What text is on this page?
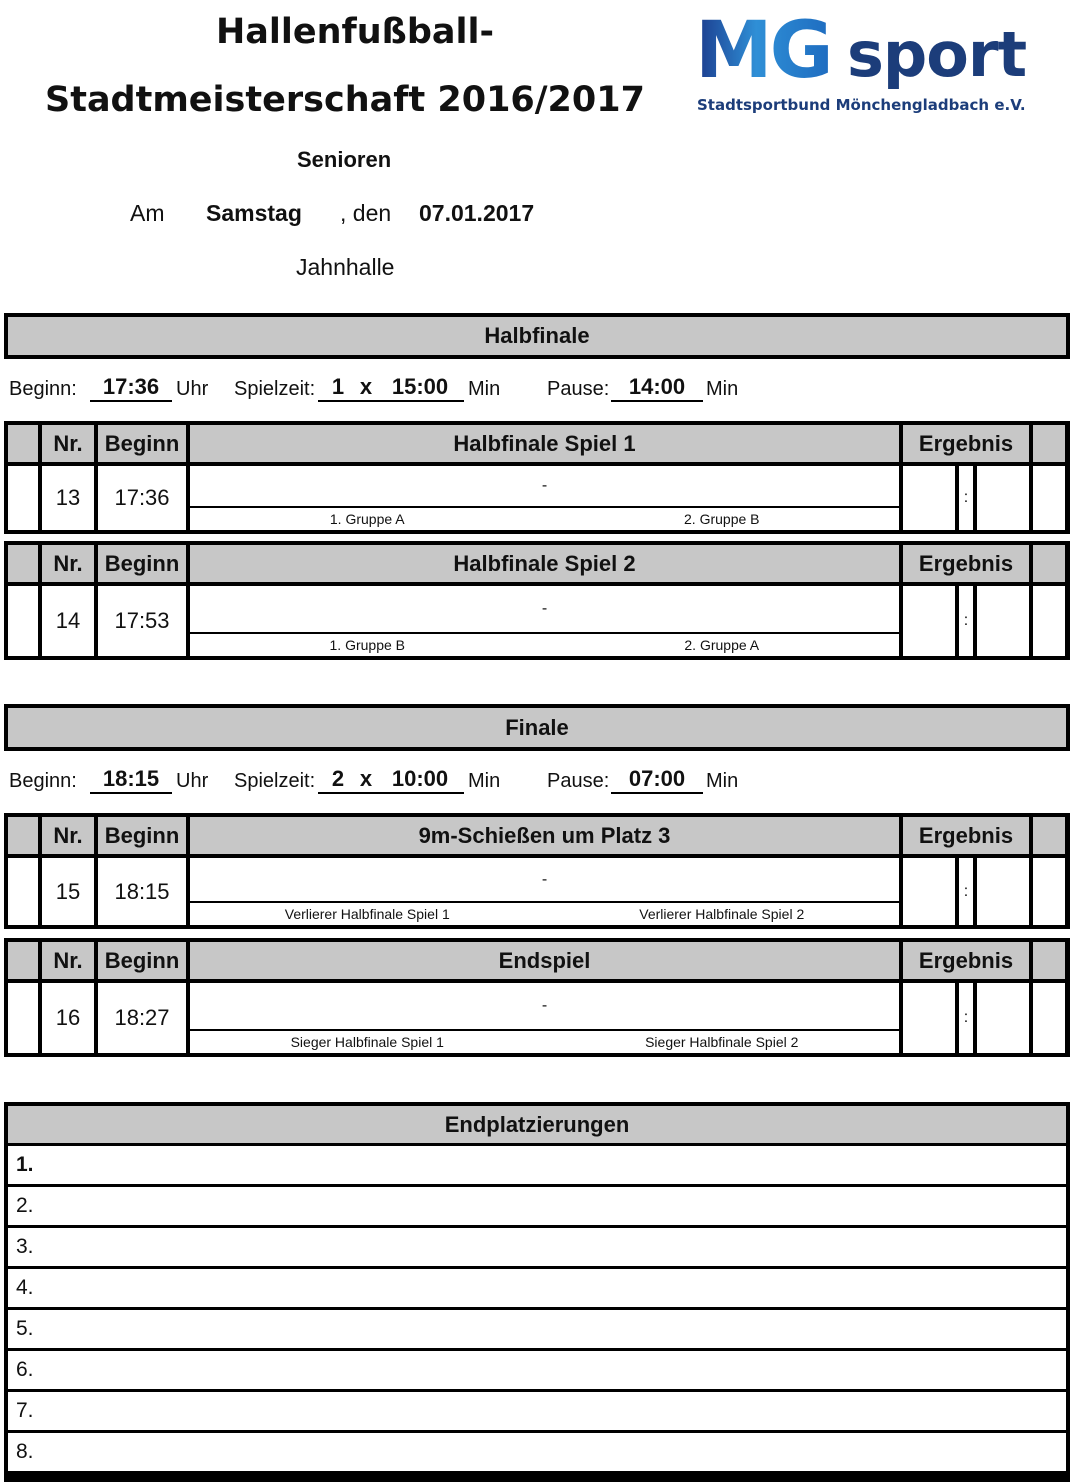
Hallenfußball-
Stadtmeisterschaft 2016/2017
Senioren
Am Samstag , den 07.01.2017
Jahnhalle
MG sport
Stadtsportbund Mönchengladbach e.V.
Halbfinale
Beginn:	17:36 Uhr Spielzeit: 1 x 15:00 Min Pause: 14:00	Min
Nr.	Beginn	Halbfinale Spiel 1	Ergebnis
13	17:36	-
1. Gruppe A	2. Gruppe B
:
Nr.	Beginn	Halbfinale Spiel 2	Ergebnis
14	17:53	-
1. Gruppe B	2. Gruppe A
:
Finale
Beginn:	18:15 Uhr Spielzeit: 2 x 10:00 Min Pause: 07:00	Min
Nr.	Beginn	9m-Schießen um Platz 3	Ergebnis
15	18:15	-
Verlierer Halbfinale Spiel 1	Verlierer Halbfinale Spiel 2
:
Nr.	Beginn	Endspiel	Ergebnis
16	18:27	-
Sieger Halbfinale Spiel 1	Sieger Halbfinale Spiel 2
:
Endplatzierungen
1.
2.
3.
4.
5.
6.
7.
8.
